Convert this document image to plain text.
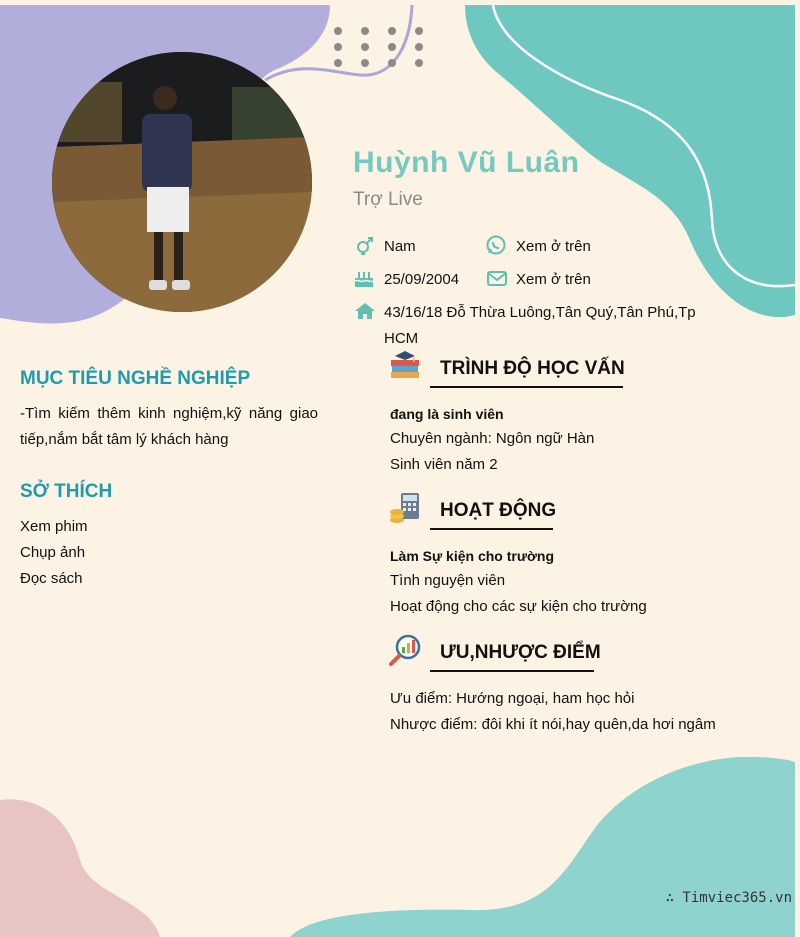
Huỳnh Vũ Luân
Trợ Live
Nam	Xem ở trên
25/09/2004	Xem ở trên
43/16/18 Đỗ Thừa Luông,Tân Quý,Tân Phú,Tp
HCM
MỤC TIÊU NGHỀ NGHIỆP
-Tìm kiếm thêm kinh nghiệm,kỹ năng giao
tiếp,nắm bắt tâm lý khách hàng
SỞ THÍCH
Xem phim
Chụp ảnh
Đọc sách
TRÌNH ĐỘ HỌC VẤN
đang là sinh viên
Chuyên ngành: Ngôn ngữ Hàn
Sinh viên năm 2
HOẠT ĐỘNG
Làm Sự kiện cho trường
Tình nguyện viên
Hoạt động cho các sự kiện cho trường
ƯU,NHƯỢC ĐIỂM
Ưu điểm: Hướng ngoại, ham học hỏi
Nhược điểm: đôi khi ít nói,hay quên,da hơi ngâm
∴ Timviec365.vn
